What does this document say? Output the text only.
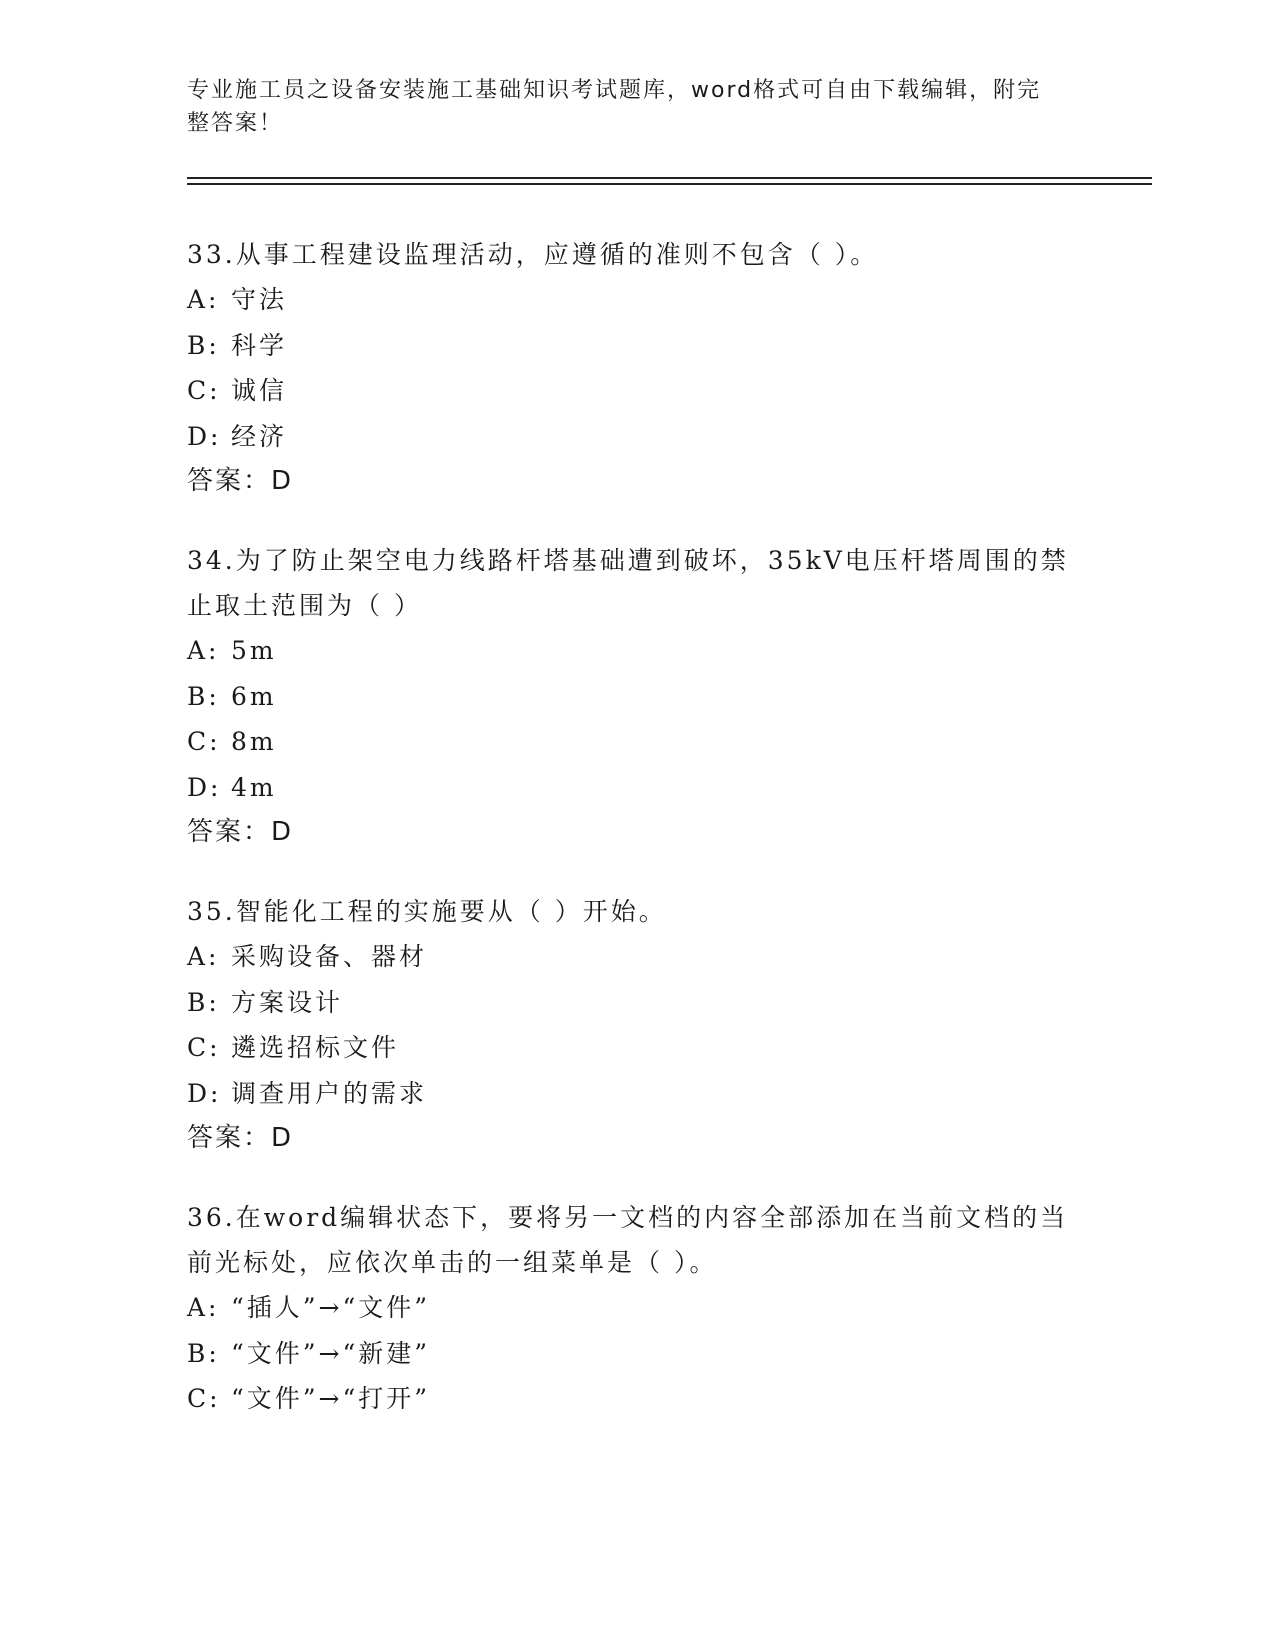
专业施工员之设备安装施工基础知识考试题库，word格式可自由下载编辑，附完
整答案！
33.从事工程建设监理活动，应遵循的准则不包含（ ）。
A: 守法
B: 科学
C: 诚信
D: 经济
答案：D
34.为了防止架空电力线路杆塔基础遭到破坏，35kV电压杆塔周围的禁止取土范围为（ ）
A: 5m
B: 6m
C: 8m
D: 4m
答案：D
35.智能化工程的实施要从（ ）开始。
A: 采购设备、器材
B: 方案设计
C: 遴选招标文件
D: 调查用户的需求
答案：D
36.在word编辑状态下，要将另一文档的内容全部添加在当前文档的当前光标处，应依次单击的一组菜单是（ ）。
A: “插人”→“文件”
B: “文件”→“新建”
C: “文件”→“打开”
